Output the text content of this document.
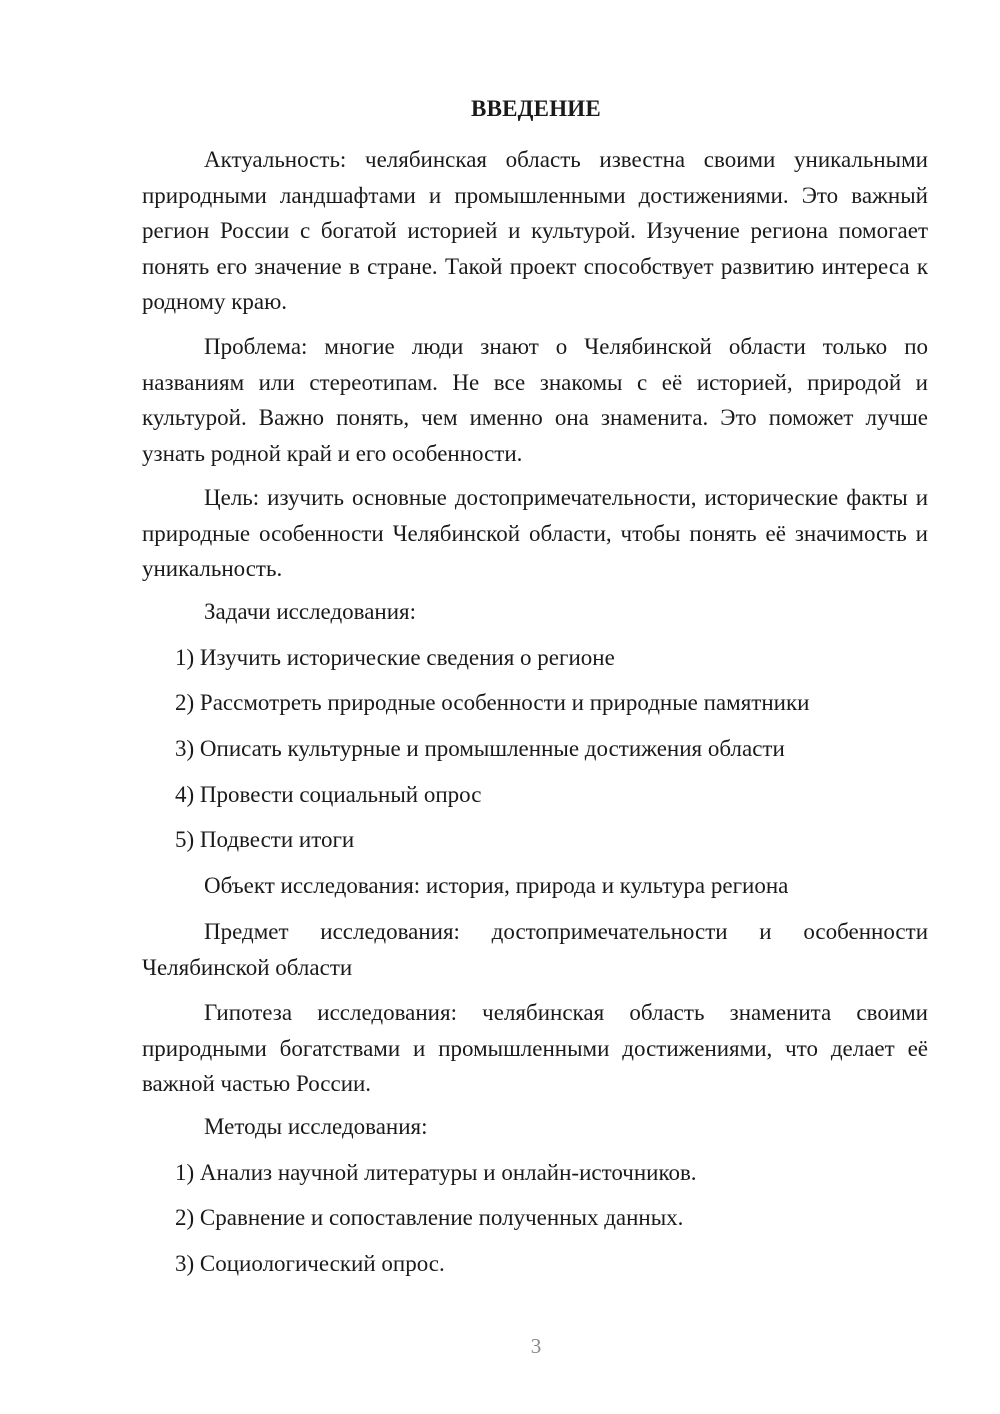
ВВЕДЕНИЕ

Актуальность: челябинская область известна своими уникальными природными ландшафтами и промышленными достижениями. Это важный регион России с богатой историей и культурой. Изучение региона помогает понять его значение в стране. Такой проект способствует развитию интереса к родному краю.

Проблема: многие люди знают о Челябинской области только по названиям или стереотипам. Не все знакомы с её историей, природой и культурой. Важно понять, чем именно она знаменита. Это поможет лучше узнать родной край и его особенности.

Цель: изучить основные достопримечательности, исторические факты и природные особенности Челябинской области, чтобы понять её значимость и уникальность.

Задачи исследования:

1) Изучить исторические сведения о регионе

2) Рассмотреть природные особенности и природные памятники

3) Описать культурные и промышленные достижения области

4) Провести социальный опрос

5) Подвести итоги

Объект исследования: история, природа и культура региона

Предмет исследования: достопримечательности и особенности Челябинской области

Гипотеза исследования: челябинская область знаменита своими природными богатствами и промышленными достижениями, что делает её важной частью России.

Методы исследования:

1) Анализ научной литературы и онлайн-источников.

2) Сравнение и сопоставление полученных данных.

3) Социологический опрос.

3
